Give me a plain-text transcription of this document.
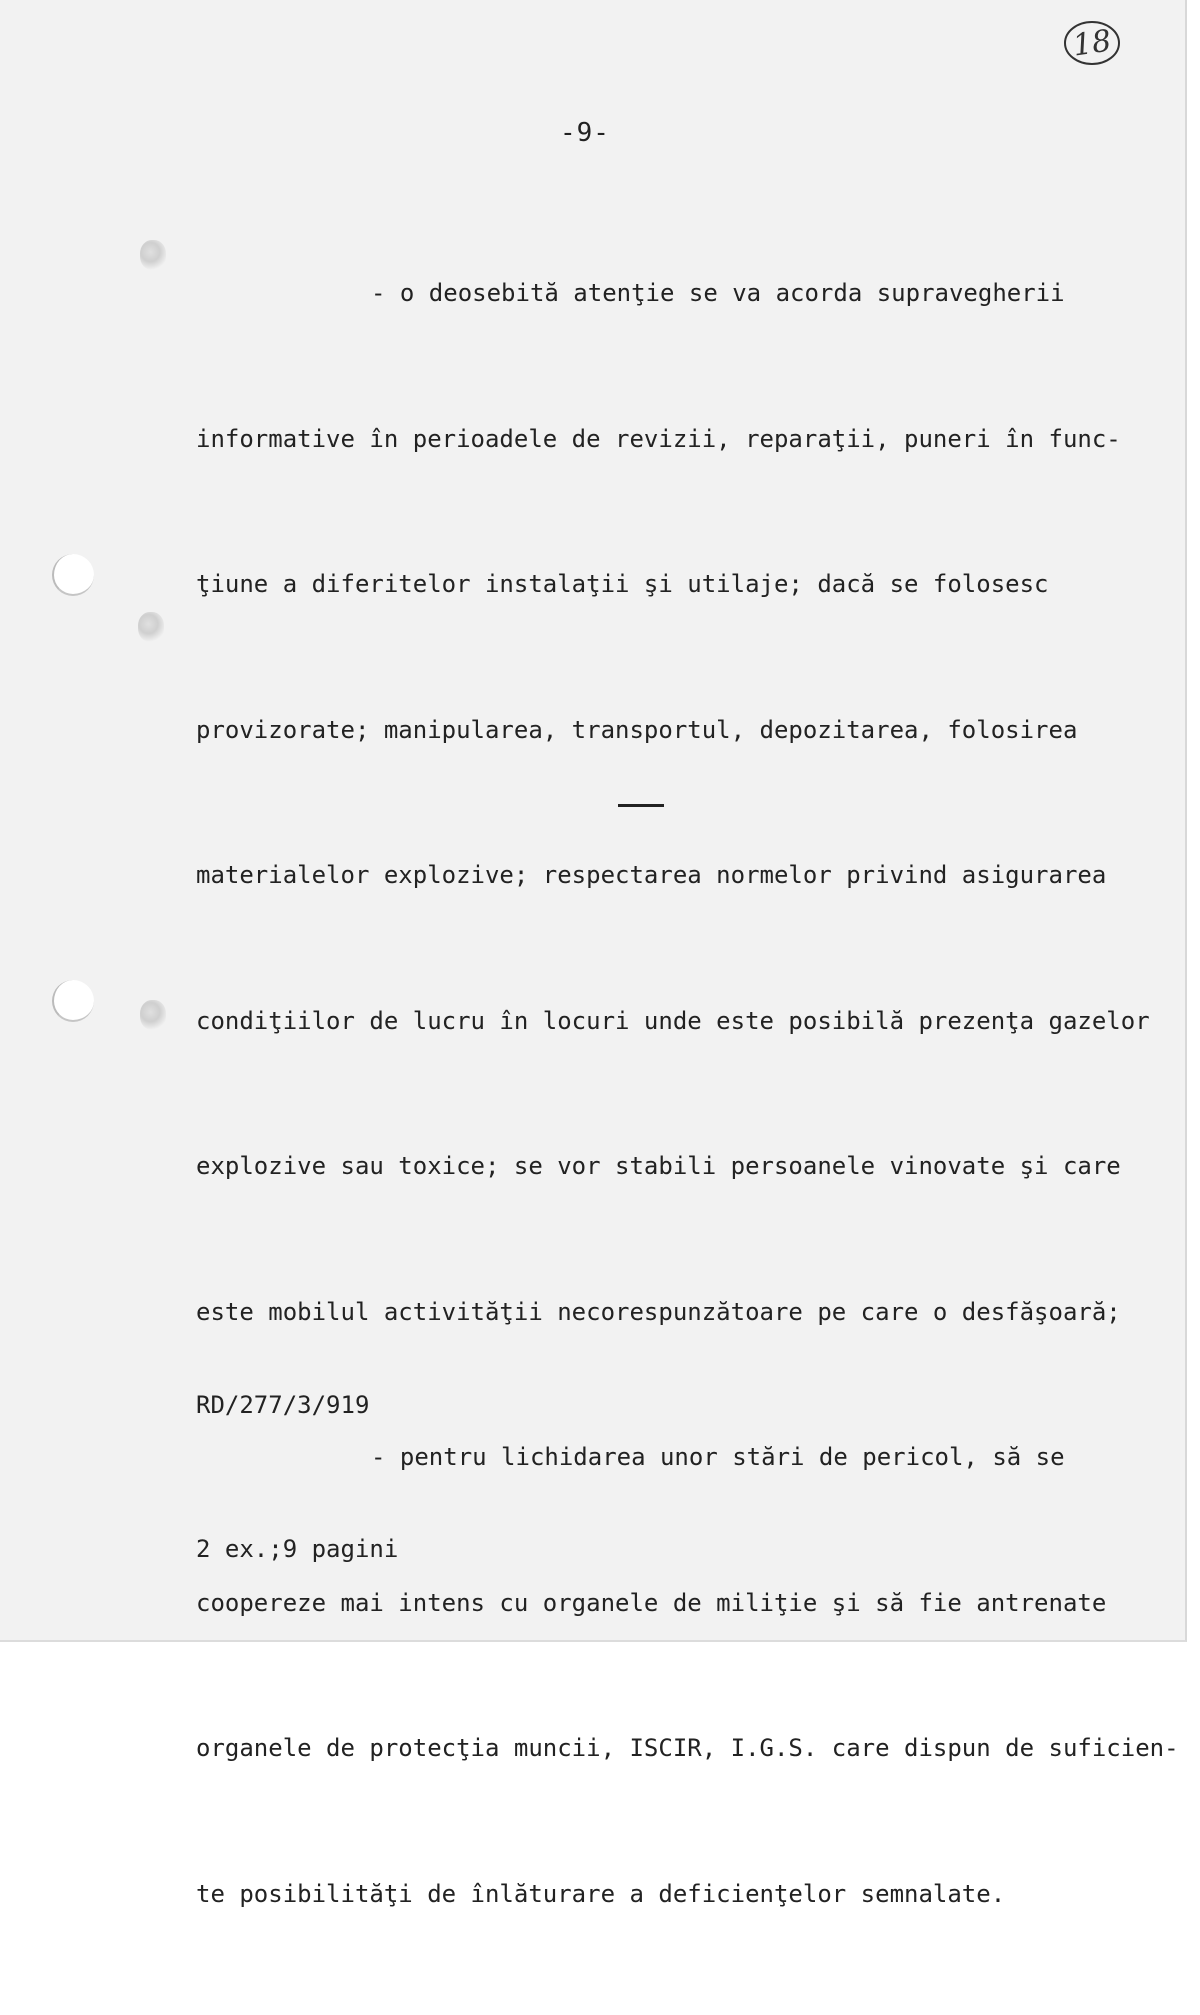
18
-9-

- o deosebită atenţie se va acorda supravegherii

informative în perioadele de revizii, reparaţii, puneri în func-

ţiune a diferitelor instalaţii şi utilaje; dacă se folosesc

provizorate; manipularea, transportul, depozitarea, folosirea

materialelor explozive; respectarea normelor privind asigurarea

condiţiilor de lucru în locuri unde este posibilă prezenţa gazelor

explozive sau toxice; se vor stabili persoanele vinovate şi care

este mobilul activităţii necorespunzătoare pe care o desfăşoară;

- pentru lichidarea unor stări de pericol, să se

coopereze mai intens cu organele de miliţie şi să fie antrenate

organele de protecţia muncii, ISCIR, I.G.S. care dispun de suficien-

te posibilităţi de înlăturare a deficienţelor semnalate.

RD/277/3/919

2 ex.;9 pagini
